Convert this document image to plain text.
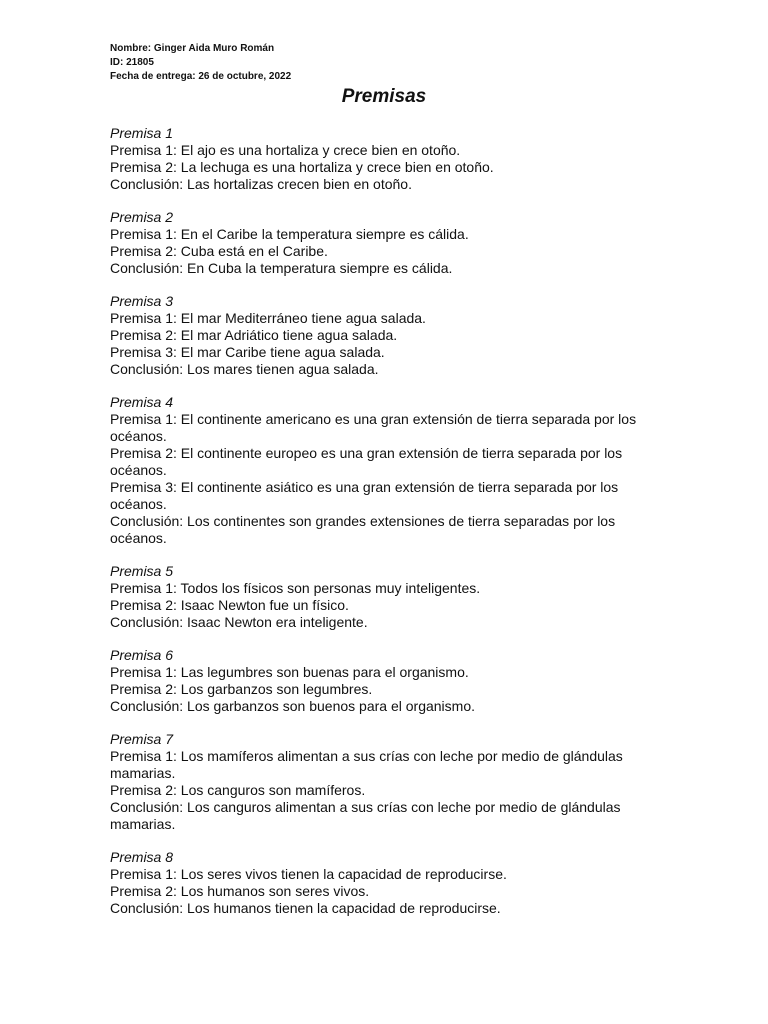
Nombre: Ginger Aida Muro Román
ID: 21805
Fecha de entrega: 26 de octubre, 2022
Premisas
Premisa 1
Premisa 1: El ajo es una hortaliza y crece bien en otoño.
Premisa 2: La lechuga es una hortaliza y crece bien en otoño.
Conclusión: Las hortalizas crecen bien en otoño.
Premisa 2
Premisa 1: En el Caribe la temperatura siempre es cálida.
Premisa 2: Cuba está en el Caribe.
Conclusión: En Cuba la temperatura siempre es cálida.
Premisa 3
Premisa 1: El mar Mediterráneo tiene agua salada.
Premisa 2: El mar Adriático tiene agua salada.
Premisa 3: El mar Caribe tiene agua salada.
Conclusión: Los mares tienen agua salada.
Premisa 4
Premisa 1: El continente americano es una gran extensión de tierra separada por los océanos.
Premisa 2: El continente europeo es una gran extensión de tierra separada por los océanos.
Premisa 3: El continente asiático es una gran extensión de tierra separada por los océanos.
Conclusión: Los continentes son grandes extensiones de tierra separadas por los océanos.
Premisa 5
Premisa 1: Todos los físicos son personas muy inteligentes.
Premisa 2: Isaac Newton fue un físico.
Conclusión: Isaac Newton era inteligente.
Premisa 6
Premisa 1: Las legumbres son buenas para el organismo.
Premisa 2: Los garbanzos son legumbres.
Conclusión: Los garbanzos son buenos para el organismo.
Premisa 7
Premisa 1: Los mamíferos alimentan a sus crías con leche por medio de glándulas mamarias.
Premisa 2: Los canguros son mamíferos.
Conclusión: Los canguros alimentan a sus crías con leche por medio de glándulas mamarias.
Premisa 8
Premisa 1: Los seres vivos tienen la capacidad de reproducirse.
Premisa 2: Los humanos son seres vivos.
Conclusión: Los humanos tienen la capacidad de reproducirse.
